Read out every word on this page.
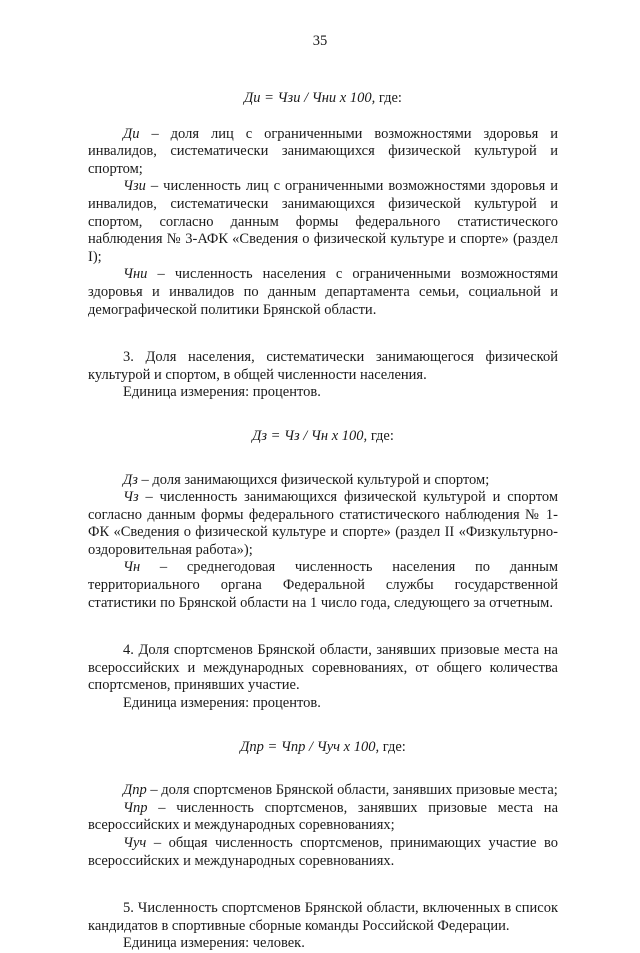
35

Ди = Чзи / Чни х 100, где:

Ди – доля лиц с ограниченными возможностями здоровья и инвалидов, систематически занимающихся физической культурой и спортом;

Чзи – численность лиц с ограниченными возможностями здоровья и инвалидов, систематически занимающихся физической культурой и спортом, согласно данным формы федерального статистического наблюдения № 3-АФК «Сведения о физической культуре и спорте» (раздел I);

Чни – численность населения с ограниченными возможностями здоровья и инвалидов по данным департамента семьи, социальной и демографической политики Брянской области.

3. Доля населения, систематически занимающегося физической культурой и спортом, в общей численности населения.

Единица измерения: процентов.

Дз = Чз / Чн х 100, где:

Дз – доля занимающихся физической культурой и спортом;

Чз – численность занимающихся физической культурой и спортом согласно данным формы федерального статистического наблюдения № 1-ФК «Сведения о физической культуре и спорте» (раздел II «Физкультурно-оздоровительная работа»);

Чн – среднегодовая численность населения по данным территориального органа Федеральной службы государственной статистики по Брянской области на 1 число года, следующего за отчетным.

4. Доля спортсменов Брянской области, занявших призовые места на всероссийских и международных соревнованиях, от общего количества спортсменов, принявших участие.

Единица измерения: процентов.

Дпр = Чпр / Чуч х 100, где:

Дпр – доля спортсменов Брянской области, занявших призовые места;

Чпр – численность спортсменов, занявших призовые места на всероссийских и международных соревнованиях;

Чуч – общая численность спортсменов, принимающих участие во всероссийских и международных соревнованиях.

5. Численность спортсменов Брянской области, включенных в список кандидатов в спортивные сборные команды Российской Федерации.

Единица измерения: человек.
